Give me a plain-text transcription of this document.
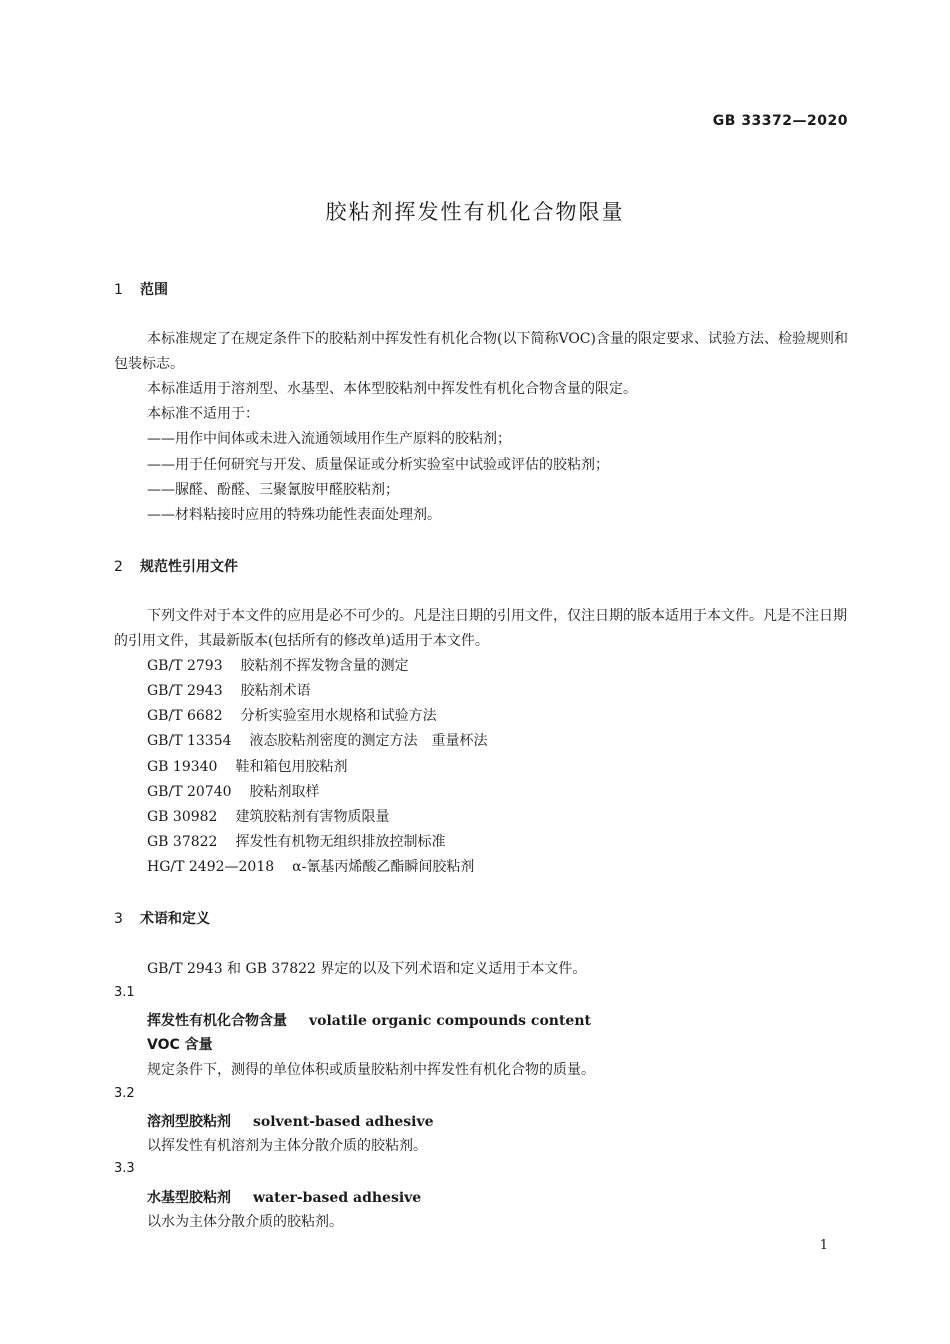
GB 33372—2020
胶粘剂挥发性有机化合物限量
1 范围
本标准规定了在规定条件下的胶粘剂中挥发性有机化合物(以下简称VOC)含量的限定要求、试验方法、检验规则和包装标志。
本标准适用于溶剂型、水基型、本体型胶粘剂中挥发性有机化合物含量的限定。
本标准不适用于：
——用作中间体或未进入流通领域用作生产原料的胶粘剂；
——用于任何研究与开发、质量保证或分析实验室中试验或评估的胶粘剂；
——脲醛、酚醛、三聚氰胺甲醛胶粘剂；
——材料粘接时应用的特殊功能性表面处理剂。
2 规范性引用文件
下列文件对于本文件的应用是必不可少的。凡是注日期的引用文件，仅注日期的版本适用于本文件。凡是不注日期的引用文件，其最新版本(包括所有的修改单)适用于本文件。
GB/T 2793 胶粘剂不挥发物含量的测定
GB/T 2943 胶粘剂术语
GB/T 6682 分析实验室用水规格和试验方法
GB/T 13354 液态胶粘剂密度的测定方法　重量杯法
GB 19340 鞋和箱包用胶粘剂
GB/T 20740 胶粘剂取样
GB 30982 建筑胶粘剂有害物质限量
GB 37822 挥发性有机物无组织排放控制标准
HG/T 2492—2018 α-氰基丙烯酸乙酯瞬间胶粘剂
3 术语和定义
GB/T 2943 和 GB 37822 界定的以及下列术语和定义适用于本文件。
3.1
挥发性有机化合物含量 volatile organic compounds content
VOC 含量
规定条件下，测得的单位体积或质量胶粘剂中挥发性有机化合物的质量。
3.2
溶剂型胶粘剂 solvent-based adhesive
以挥发性有机溶剂为主体分散介质的胶粘剂。
3.3
水基型胶粘剂 water-based adhesive
以水为主体分散介质的胶粘剂。
1
